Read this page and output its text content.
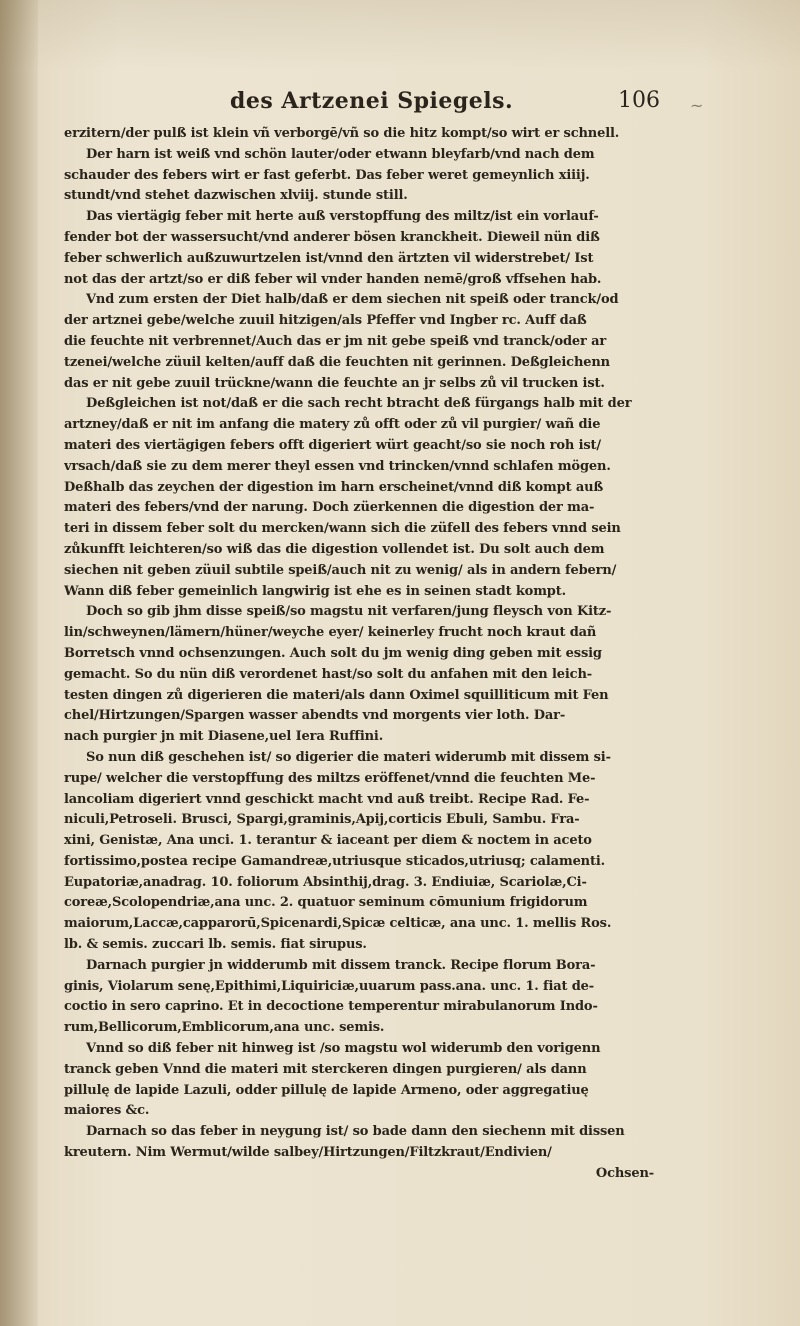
des Artzenei Spiegels.	106 ~
erzitern/der pulß ist klein vñ verborgē/vñ so die hitz kompt/so wirt er schnell.
Der harn ist weiß vnd schön lauter/oder etwann bleyfarb/vnd nach dem
schauder des febers wirt er fast geferbt. Das feber weret gemeynlich xiiij.
stundt/vnd stehet dazwischen xlviij. stunde still.
Das viertägig feber mit herte auß verstopffung des miltz/ist ein vorlauf-
fender bot der wassersucht/vnd anderer bösen kranckheit. Dieweil nün diß
feber schwerlich außzuwurtzelen ist/vnnd den ärtzten vil widerstrebet/ Ist
not das der artzt/so er diß feber wil vnder handen nemē/groß vffsehen hab.
Vnd zum ersten der Diet halb/daß er dem siechen nit speiß oder tranck/od
der artznei gebe/welche zuuil hitzigen/als Pfeffer vnd Ingber rc. Auff daß
die feuchte nit verbrennet/Auch das er jm nit gebe speiß vnd tranck/oder ar
tzenei/welche züuil kelten/auff daß die feuchten nit gerinnen. Deßgleichenn
das er nit gebe zuuil trückne/wann die feuchte an jr selbs zů vil trucken ist.
Deßgleichen ist not/daß er die sach recht btracht deß fürgangs halb mit der
artzney/daß er nit im anfang die matery zů offt oder zů vil purgier/ wañ die
materi des viertägigen febers offt digeriert würt geacht/so sie noch roh ist/
vrsach/daß sie zu dem merer theyl essen vnd trincken/vnnd schlafen mögen.
Deßhalb das zeychen der digestion im harn erscheinet/vnnd diß kompt auß
materi des febers/vnd der narung. Doch züerkennen die digestion der ma-
teri in dissem feber solt du mercken/wann sich die züfell des febers vnnd sein
zůkunfft leichteren/so wiß das die digestion vollendet ist. Du solt auch dem
siechen nit geben züuil subtile speiß/auch nit zu wenig/ als in andern febern/
Wann diß feber gemeinlich langwirig ist ehe es in seinen stadt kompt.
Doch so gib jhm disse speiß/so magstu nit verfaren/jung fleysch von Kitz-
lin/schweynen/lämern/hüner/weyche eyer/ keinerley frucht noch kraut dañ
Borretsch vnnd ochsenzungen. Auch solt du jm wenig ding geben mit essig
gemacht. So du nün diß verordenet hast/so solt du anfahen mit den leich-
testen dingen zů digerieren die materi/als dann Oximel squilliticum mit Fen
chel/Hirtzungen/Spargen wasser abendts vnd morgents vier loth. Dar-
nach purgier jn mit Diasene,uel Iera Ruffini.
So nun diß geschehen ist/ so digerier die materi widerumb mit dissem si-
rupe/ welcher die verstopffung des miltzs eröffenet/vnnd die feuchten Me-
lancoliam digeriert vnnd geschickt macht vnd auß treibt. Recipe Rad. Fe-
niculi,Petroseli. Brusci, Spargi,graminis,Apij,corticis Ebuli, Sambu. Fra-
xini, Genistæ, Ana unci. 1. terantur & iaceant per diem & noctem in aceto
fortissimo,postea recipe Gamandreæ,utriusque sticados,utriusq; calamenti.
Eupatoriæ,anadrag. 10. foliorum Absinthij,drag. 3. Endiuiæ, Scariolæ,Ci-
coreæ,Scolopendriæ,ana unc. 2. quatuor seminum cōmunium frigidorum
maiorum,Laccæ,capparorū,Spicenardi,Spicæ celticæ, ana unc. 1. mellis Ros.
lb. & semis. zuccari lb. semis. fiat sirupus.
Darnach purgier jn widderumb mit dissem tranck. Recipe florum Bora-
ginis, Violarum senę,Epithimi,Liquiriciæ,uuarum pass.ana. unc. 1. fiat de-
coctio in sero caprino. Et in decoctione temperentur mirabulanorum Indo-
rum,Bellicorum,Emblicorum,ana unc. semis.
Vnnd so diß feber nit hinweg ist /so magstu wol widerumb den vorigenn
tranck geben Vnnd die materi mit sterckeren dingen purgieren/ als dann
pillulę de lapide Lazuli, odder pillulę de lapide Armeno, oder aggregatiuę
maiores &c.
Darnach so das feber in neygung ist/ so bade dann den siechenn mit dissen
kreutern. Nim Wermut/wilde salbey/Hirtzungen/Filtzkraut/Endivien/
Ochsen-
